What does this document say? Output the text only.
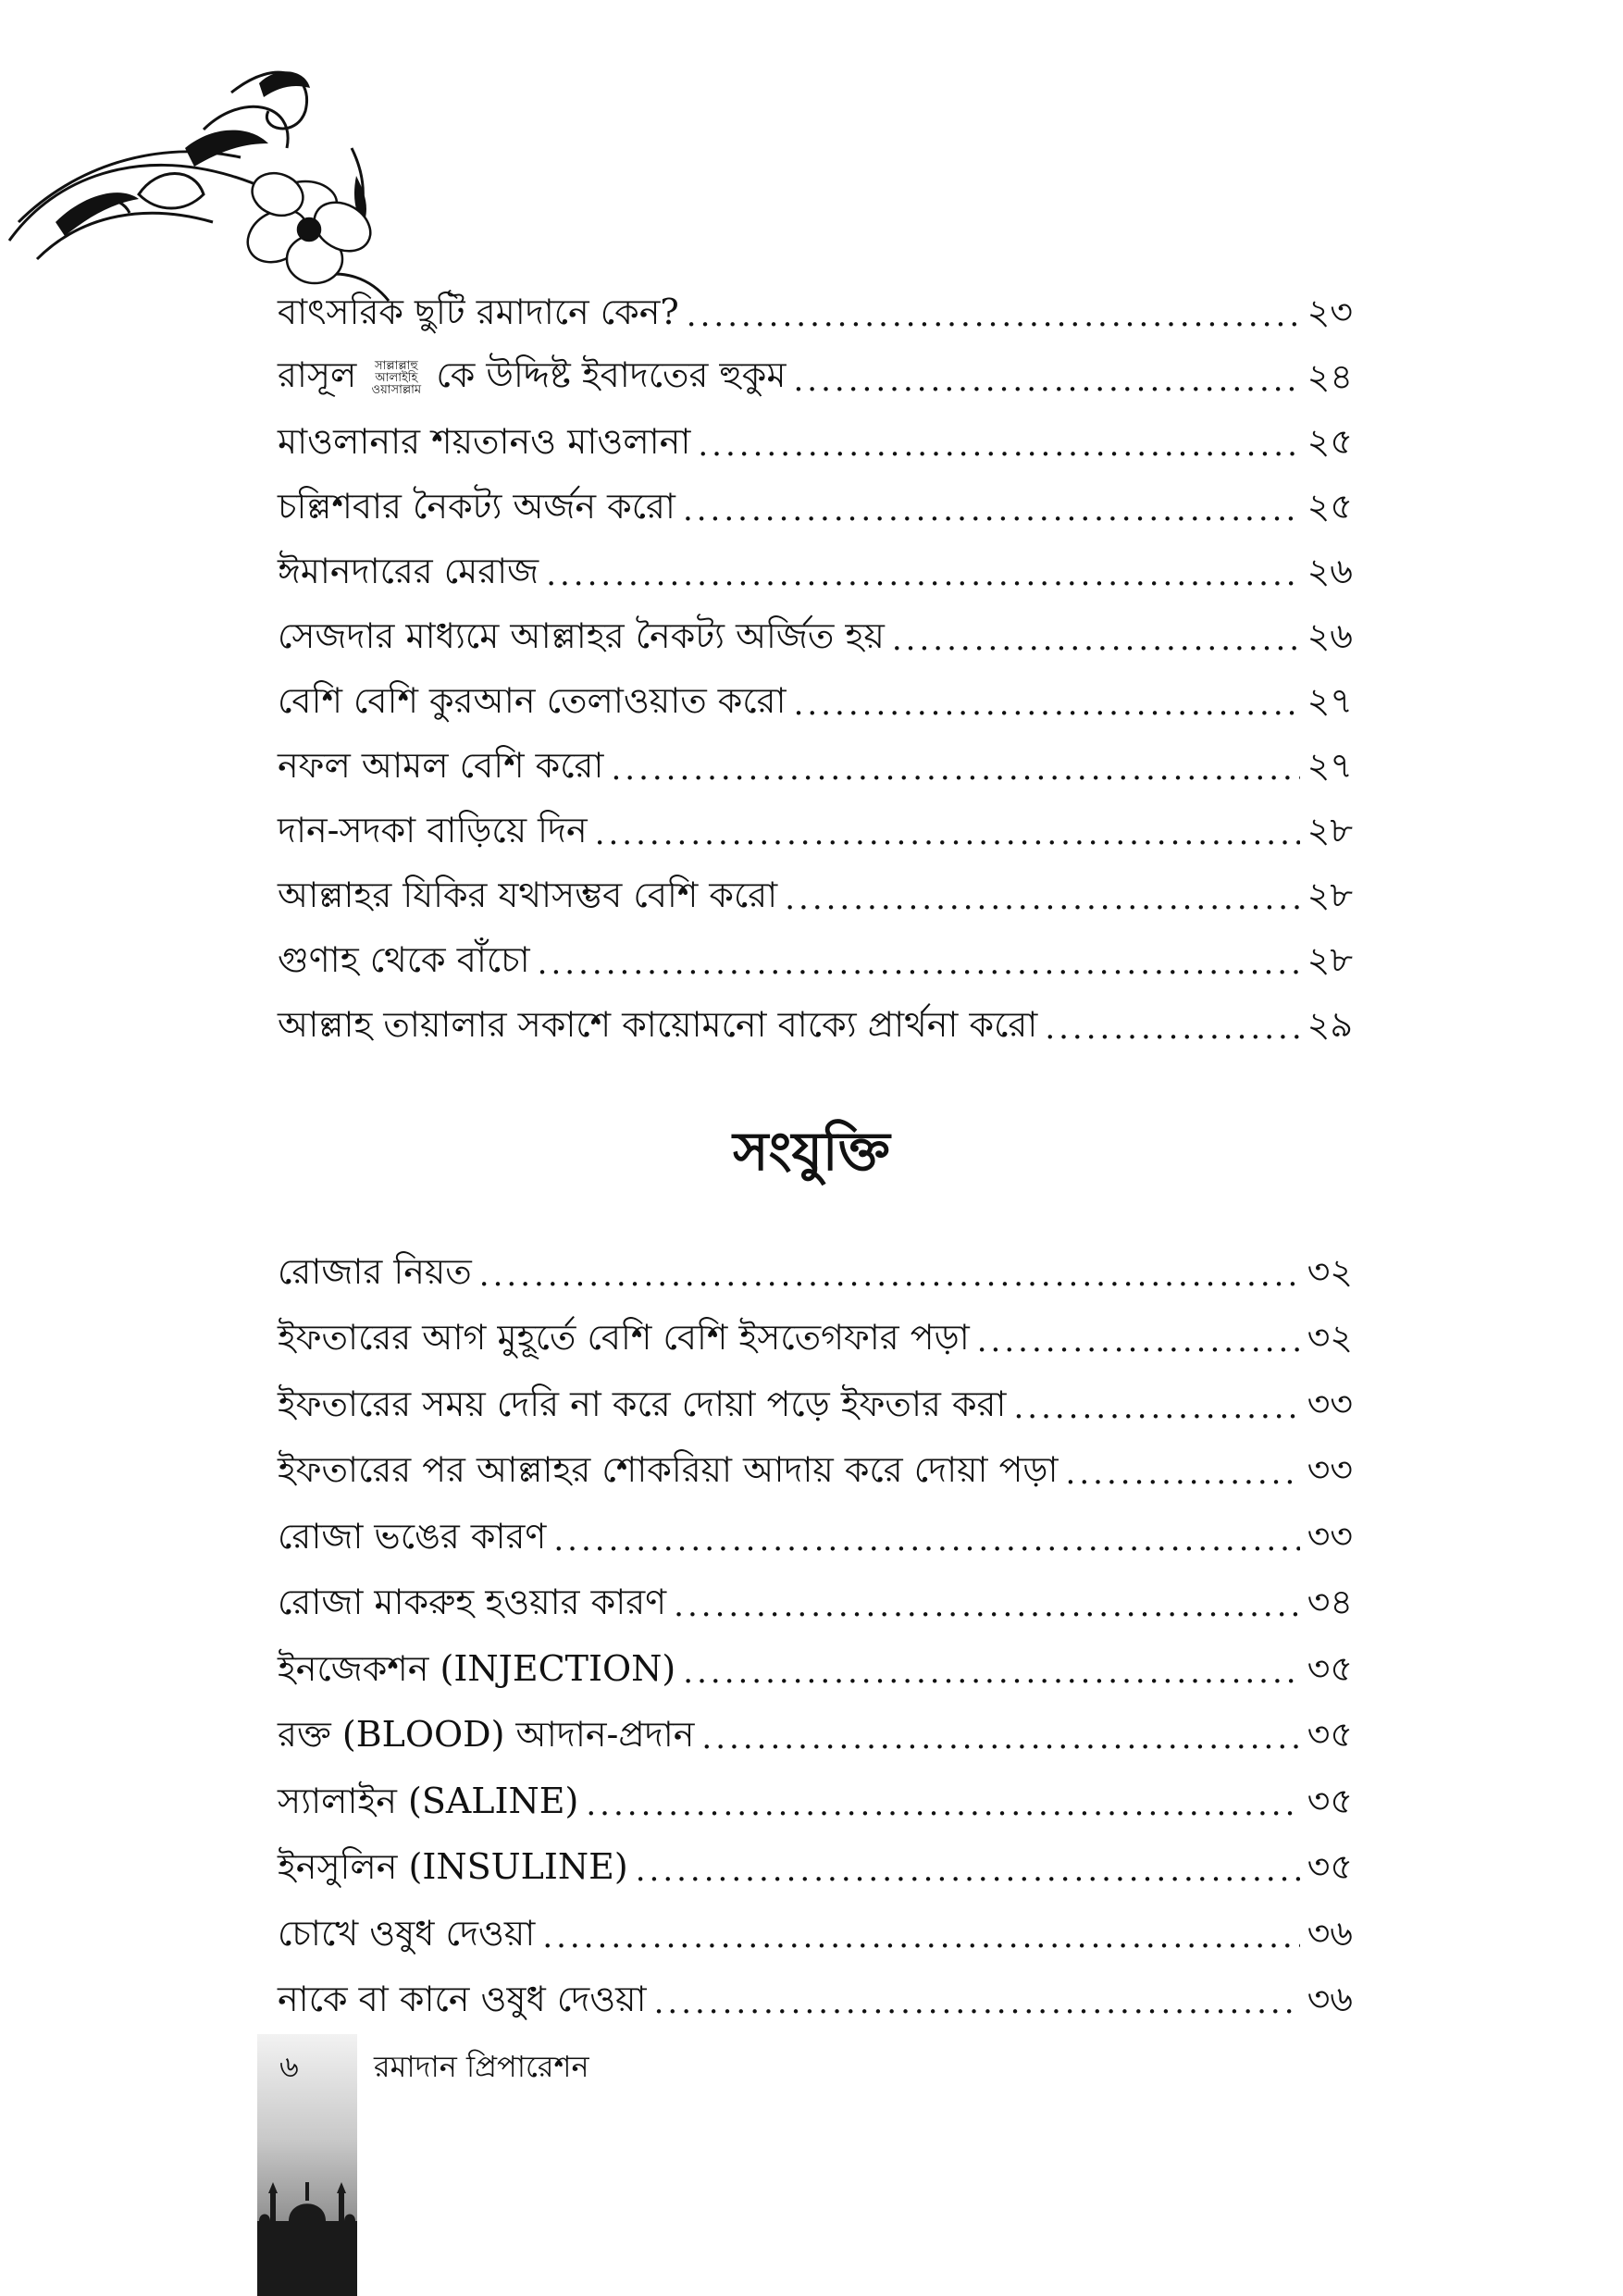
বাৎসরিক ছুটি রমাদানে কেন? .....	২৩
রাসূল সাল্লাল্লাহু আলাইহি ওয়াসাল্লাম কে উদ্দিষ্ট ইবাদতের হুকুম .....	২৪
মাওলানার শয়তানও মাওলানা .....	২৫
চল্লিশবার নৈকট্য অর্জন করো .....	২৫
ঈমানদারের মেরাজ .....	২৬
সেজদার মাধ্যমে আল্লাহর নৈকট্য অর্জিত হয় .....	২৬
বেশি বেশি কুরআন তেলাওয়াত করো .....	২৭
নফল আমল বেশি করো .....	২৭
দান-সদকা বাড়িয়ে দিন .....	২৮
আল্লাহর যিকির যথাসম্ভব বেশি করো .....	২৮
গুণাহ থেকে বাঁচো .....	২৮
আল্লাহ তায়ালার সকাশে কায়োমনো বাক্যে প্রার্থনা করো .....	২৯
সংযুক্তি
রোজার নিয়ত .....	৩২
ইফতারের আগ মুহূর্তে বেশি বেশি ইসতেগফার পড়া .....	৩২
ইফতারের সময় দেরি না করে দোয়া পড়ে ইফতার করা .....	৩৩
ইফতারের পর আল্লাহর শোকরিয়া আদায় করে দোয়া পড়া .....	৩৩
রোজা ভঙের কারণ .....	৩৩
রোজা মাকরুহ হওয়ার কারণ .....	৩৪
ইনজেকশন (INJECTION) .....	৩৫
রক্ত (BLOOD) আদান-প্রদান .....	৩৫
স্যালাইন (SALINE) .....	৩৫
ইনসুলিন (INSULINE) .....	৩৫
চোখে ওষুধ দেওয়া .....	৩৬
নাকে বা কানে ওষুধ দেওয়া .....	৩৬
৬	রমাদান প্রিপারেশন
